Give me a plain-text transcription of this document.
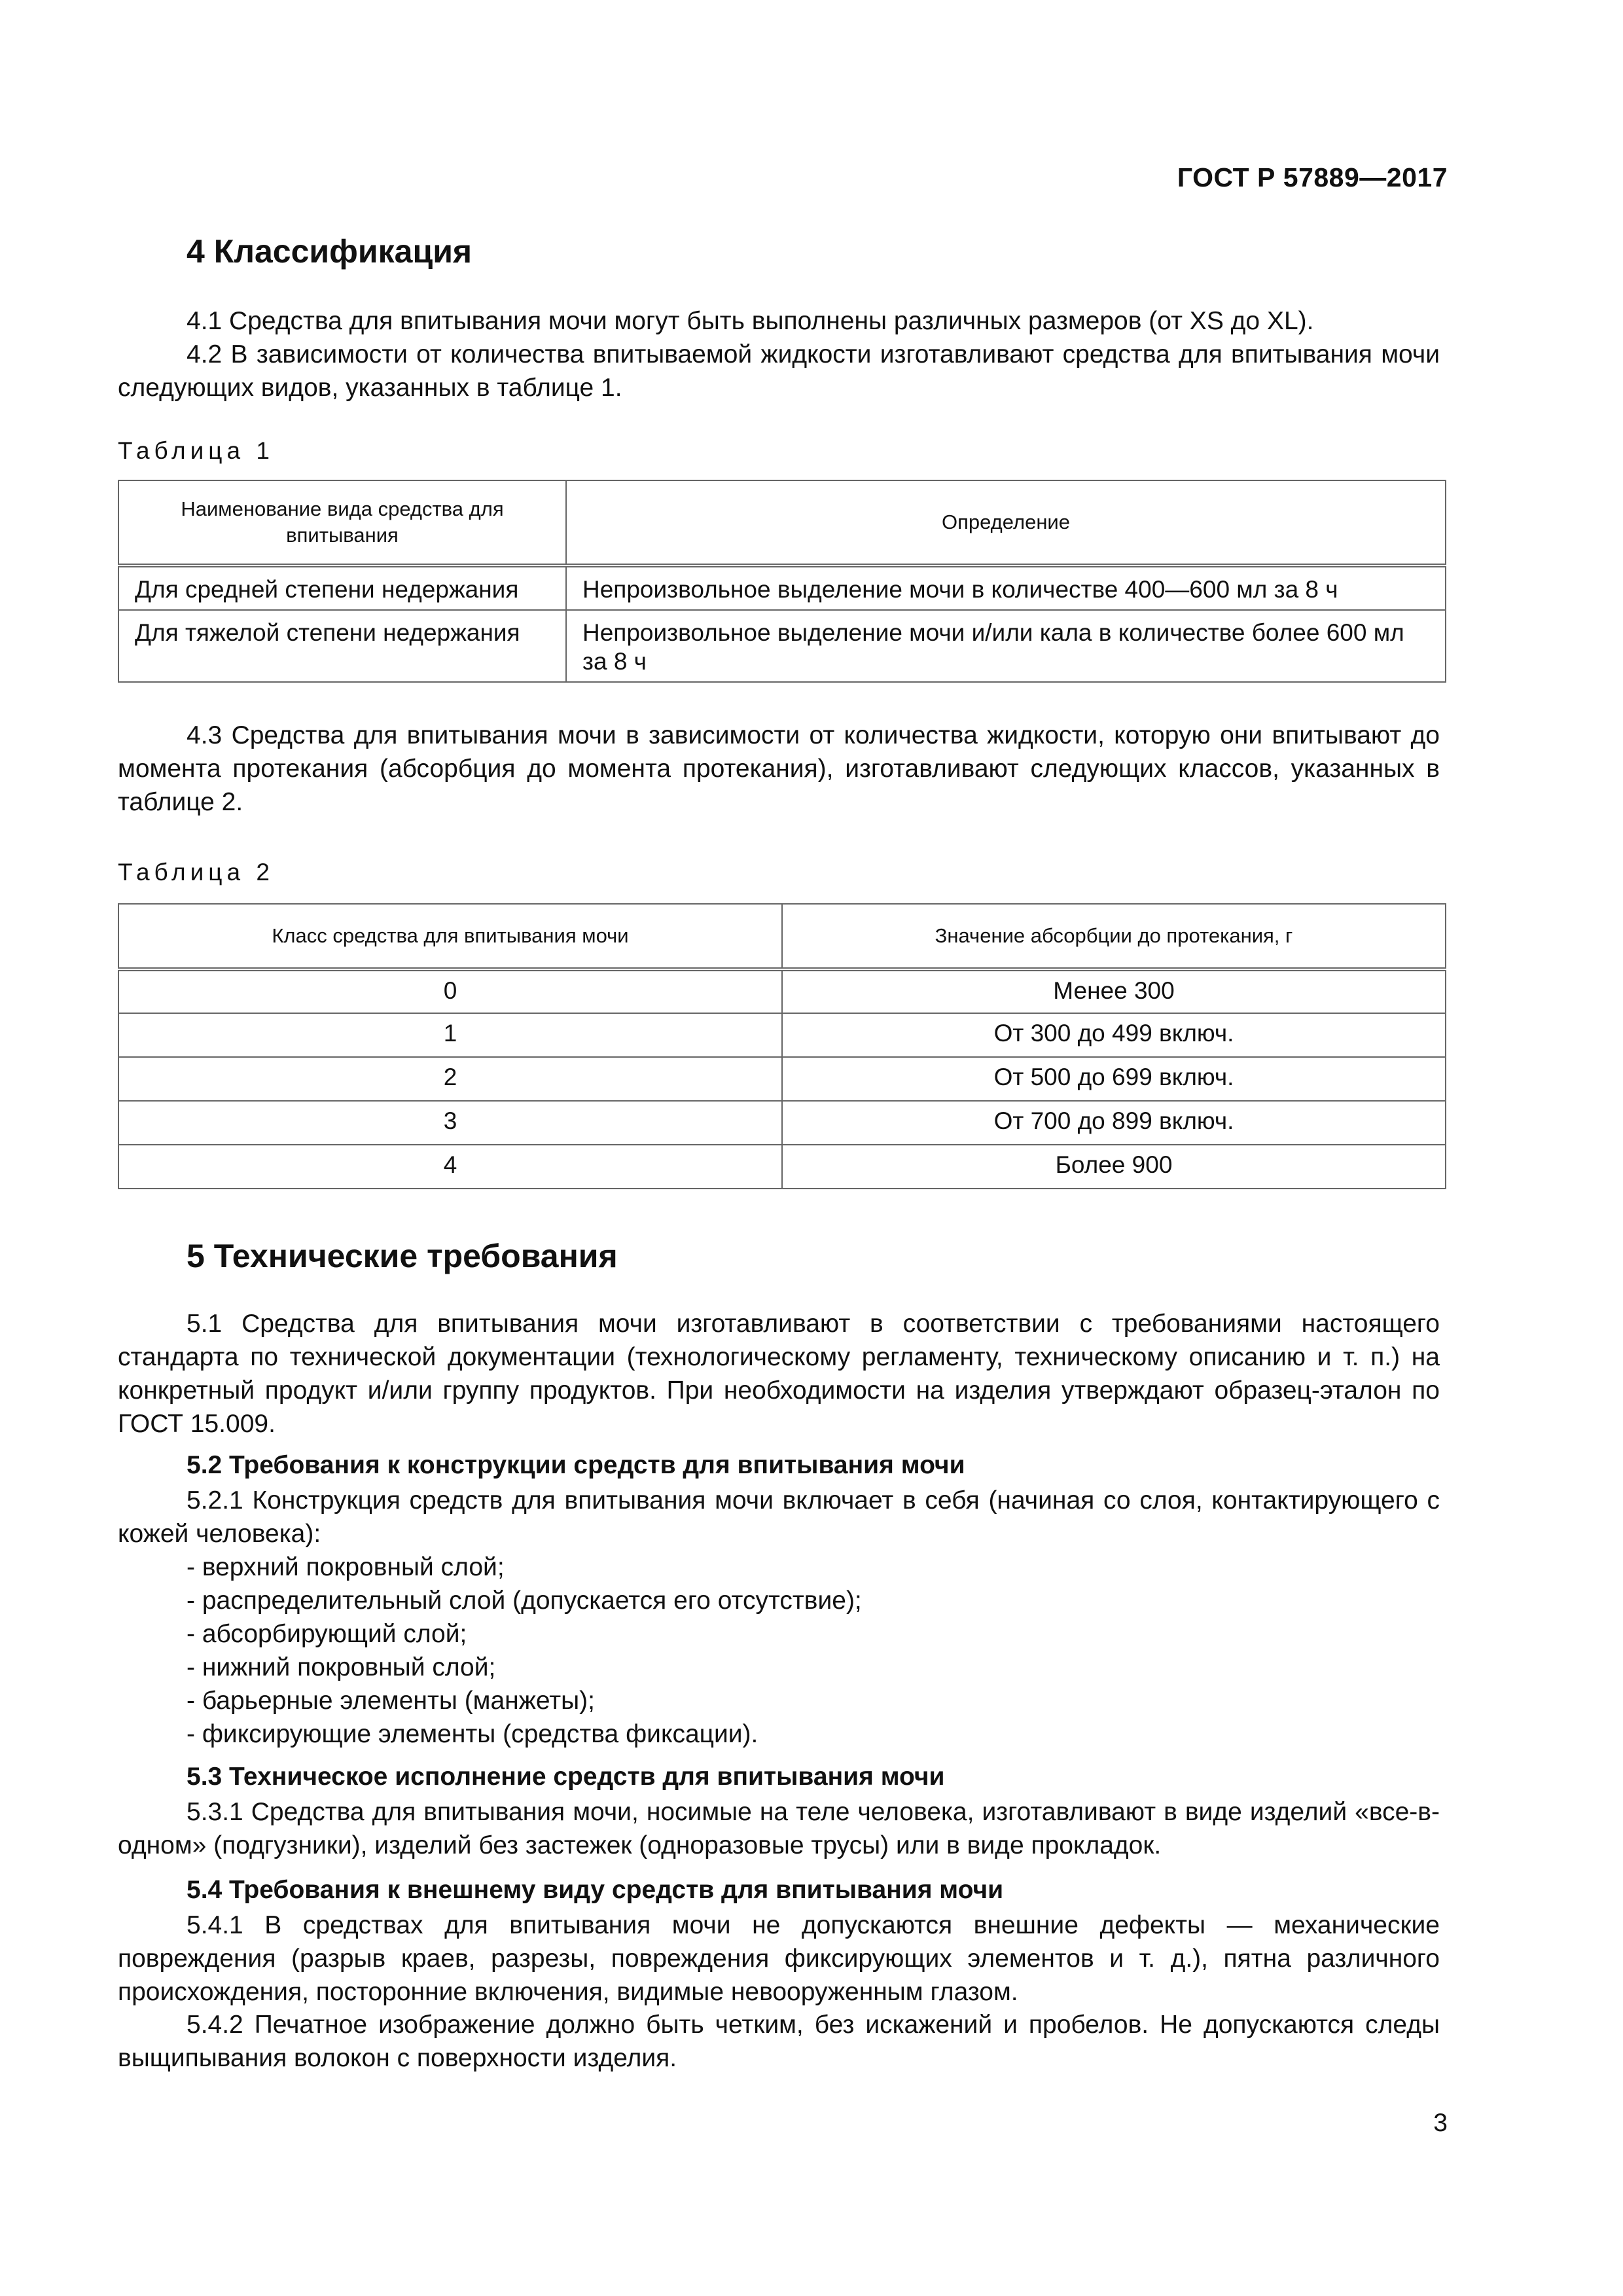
ГОСТ Р 57889—2017
4 Классификация
4.1 Средства для впитывания мочи могут быть выполнены различных размеров (от XS до XL).
4.2 В зависимости от количества впитываемой жидкости изготавливают средства для впитывания мочи следующих видов, указанных в таблице 1.
Таблица 1
Наименование вида средства для впитывания	Определение
Для средней степени недержания	Непроизвольное выделение мочи в количестве 400—600 мл за 8 ч
Для тяжелой степени недержания	Непроизвольное выделение мочи и/или кала в количестве более 600 мл за 8 ч
4.3 Средства для впитывания мочи в зависимости от количества жидкости, которую они впитывают до момента протекания (абсорбция до момента протекания), изготавливают следующих классов, указанных в таблице 2.
Таблица 2
Класс средства для впитывания мочи	Значение абсорбции до протекания, г
0	Менее 300
1	От 300 до 499 включ.
2	От 500 до 699 включ.
3	От 700 до 899 включ.
4	Более 900
5 Технические требования
5.1 Средства для впитывания мочи изготавливают в соответствии с требованиями настоящего стандарта по технической документации (технологическому регламенту, техническому описанию и т. п.) на конкретный продукт и/или группу продуктов. При необходимости на изделия утверждают образец-эталон по ГОСТ 15.009.
5.2 Требования к конструкции средств для впитывания мочи
5.2.1 Конструкция средств для впитывания мочи включает в себя (начиная со слоя, контактирующего с кожей человека):
- верхний покровный слой;
- распределительный слой (допускается его отсутствие);
- абсорбирующий слой;
- нижний покровный слой;
- барьерные элементы (манжеты);
- фиксирующие элементы (средства фиксации).
5.3 Техническое исполнение средств для впитывания мочи
5.3.1 Средства для впитывания мочи, носимые на теле человека, изготавливают в виде изделий «все-в-одном» (подгузники), изделий без застежек (одноразовые трусы) или в виде прокладок.
5.4 Требования к внешнему виду средств для впитывания мочи
5.4.1 В средствах для впитывания мочи не допускаются внешние дефекты — механические повреждения (разрыв краев, разрезы, повреждения фиксирующих элементов и т. д.), пятна различного происхождения, посторонние включения, видимые невооруженным глазом.
5.4.2 Печатное изображение должно быть четким, без искажений и пробелов. Не допускаются следы выщипывания волокон с поверхности изделия.
3
